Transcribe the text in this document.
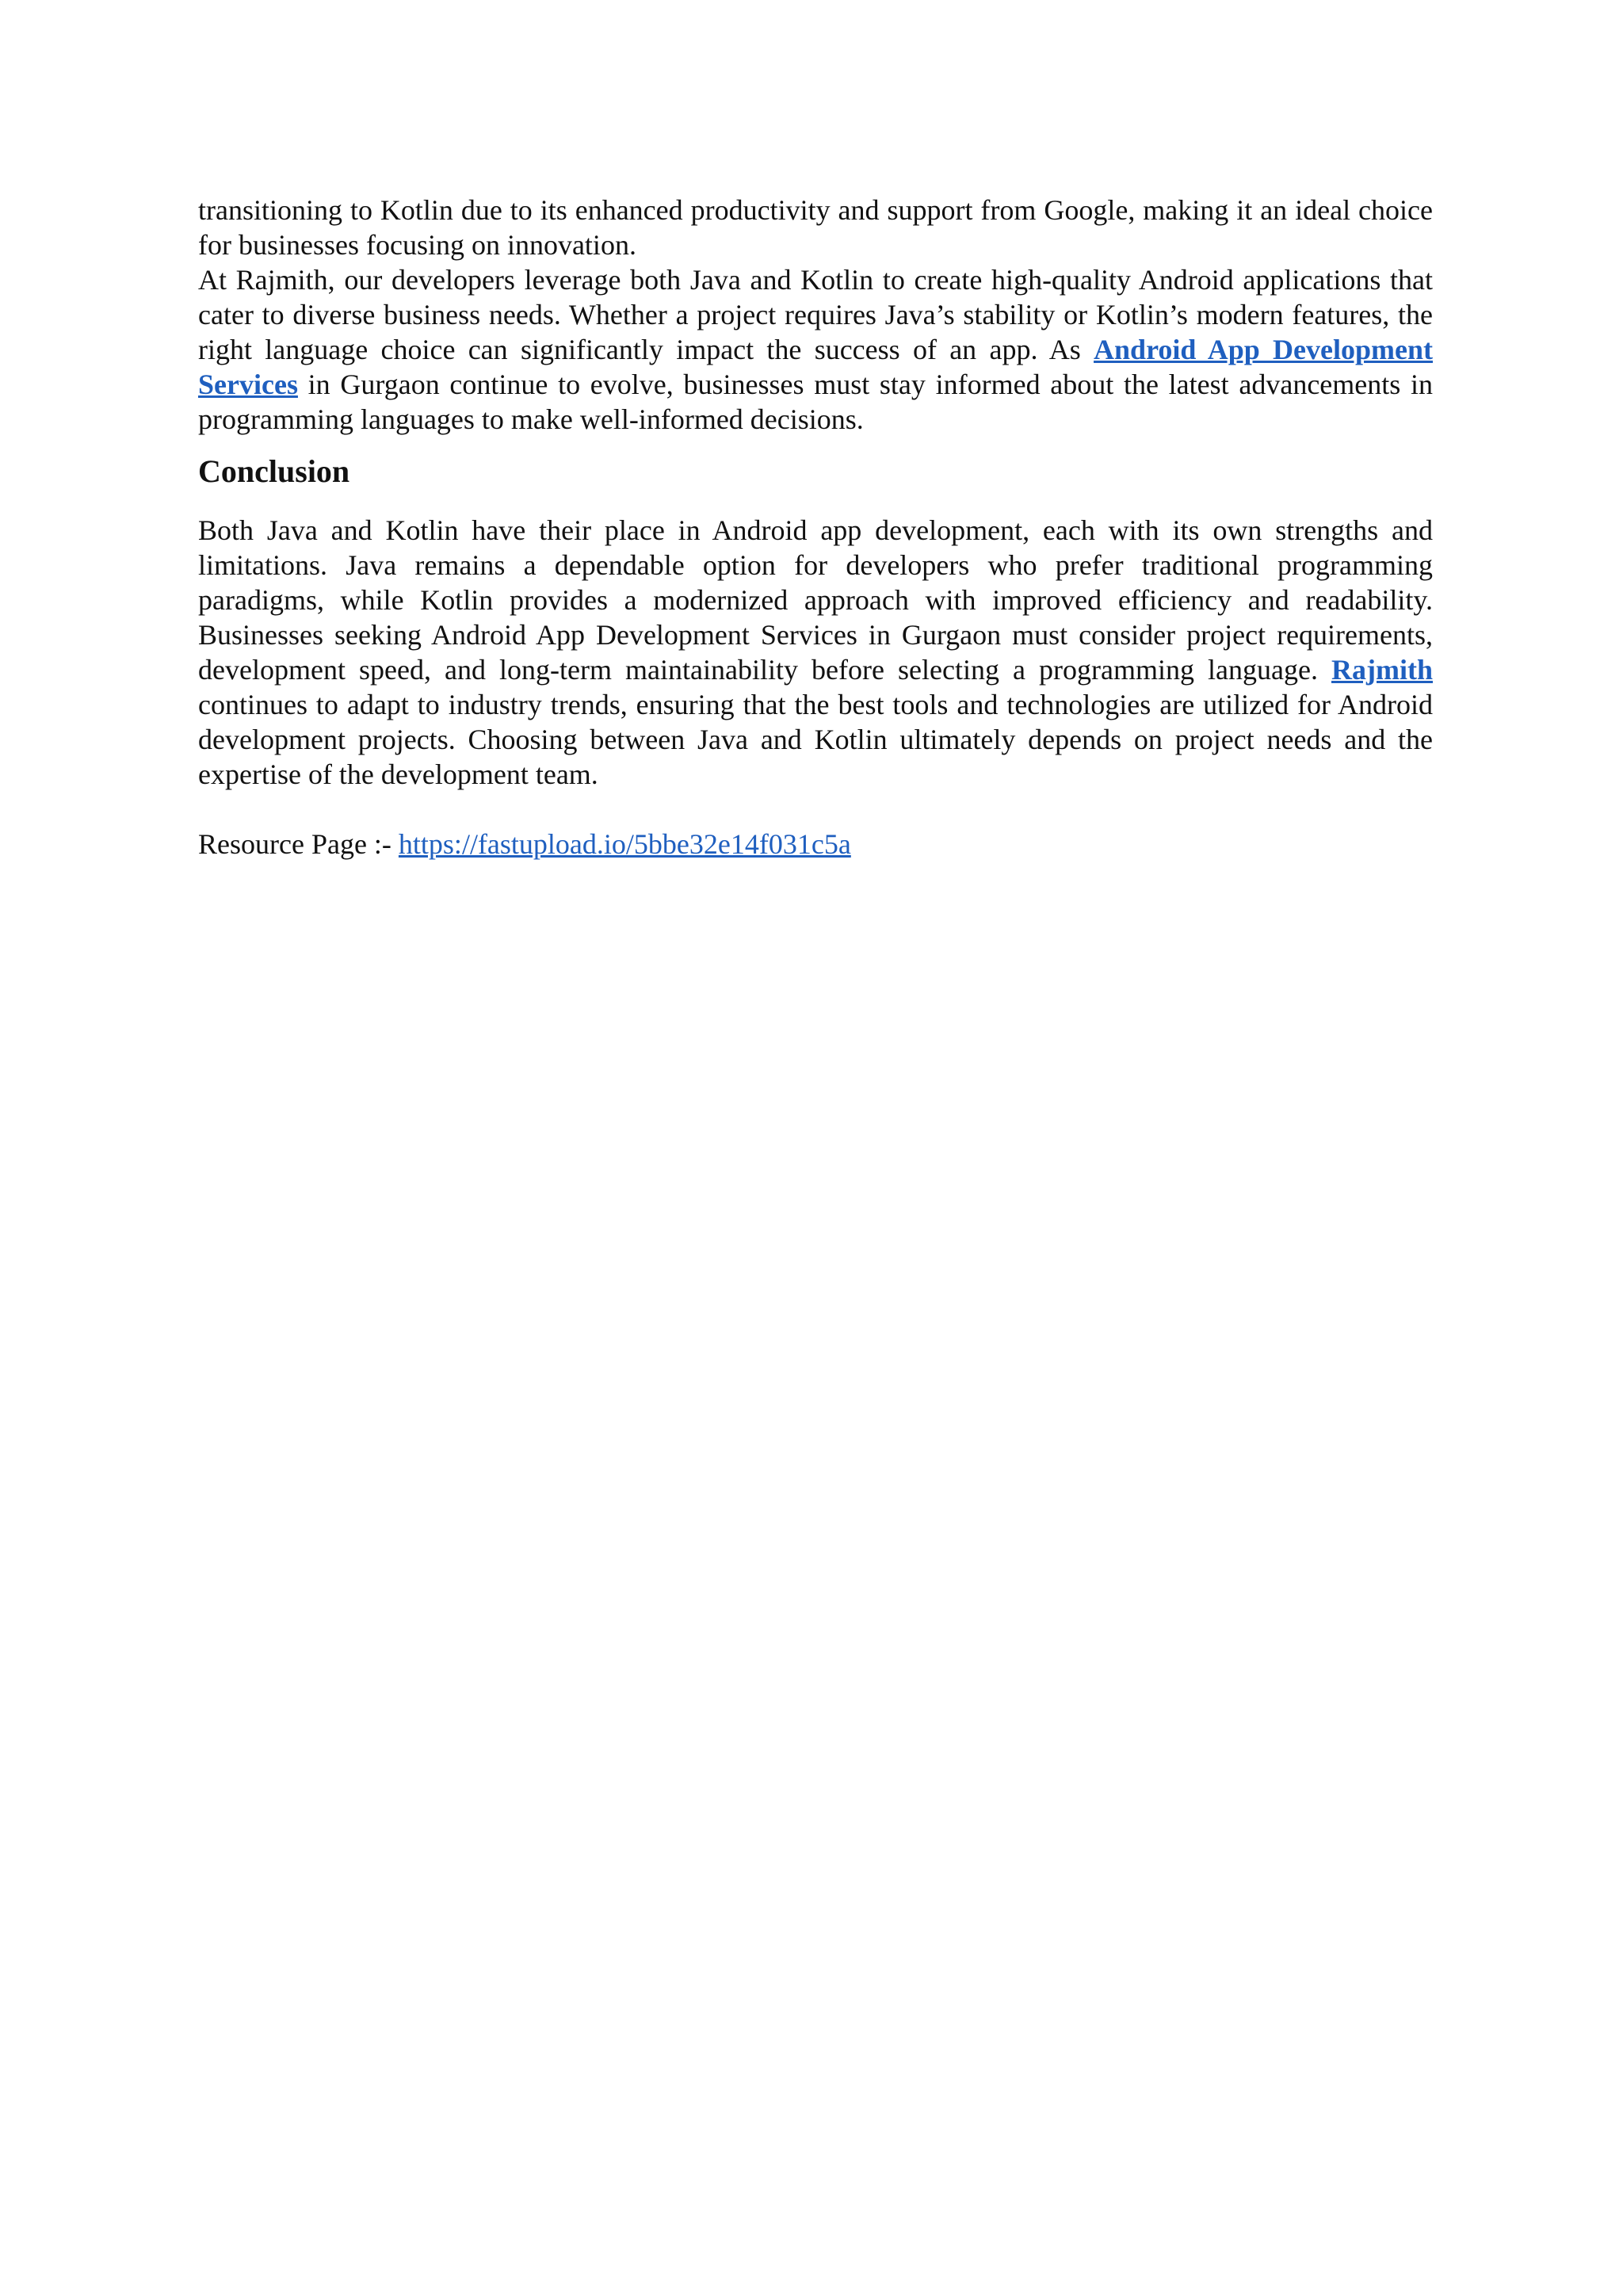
transitioning to Kotlin due to its enhanced productivity and support from Google, making it an ideal choice for businesses focusing on innovation.

At Rajmith, our developers leverage both Java and Kotlin to create high-quality Android applications that cater to diverse business needs. Whether a project requires Java’s stability or Kotlin’s modern features, the right language choice can significantly impact the success of an app. As Android App Development Services in Gurgaon continue to evolve, businesses must stay informed about the latest advancements in programming languages to make well-informed decisions.

Conclusion

Both Java and Kotlin have their place in Android app development, each with its own strengths and limitations. Java remains a dependable option for developers who prefer traditional programming paradigms, while Kotlin provides a modernized approach with improved efficiency and readability. Businesses seeking Android App Development Services in Gurgaon must consider project requirements, development speed, and long-term maintainability before selecting a programming language. Rajmith continues to adapt to industry trends, ensuring that the best tools and technologies are utilized for Android development projects. Choosing between Java and Kotlin ultimately depends on project needs and the expertise of the development team.

Resource Page :- https://fastupload.io/5bbe32e14f031c5a
